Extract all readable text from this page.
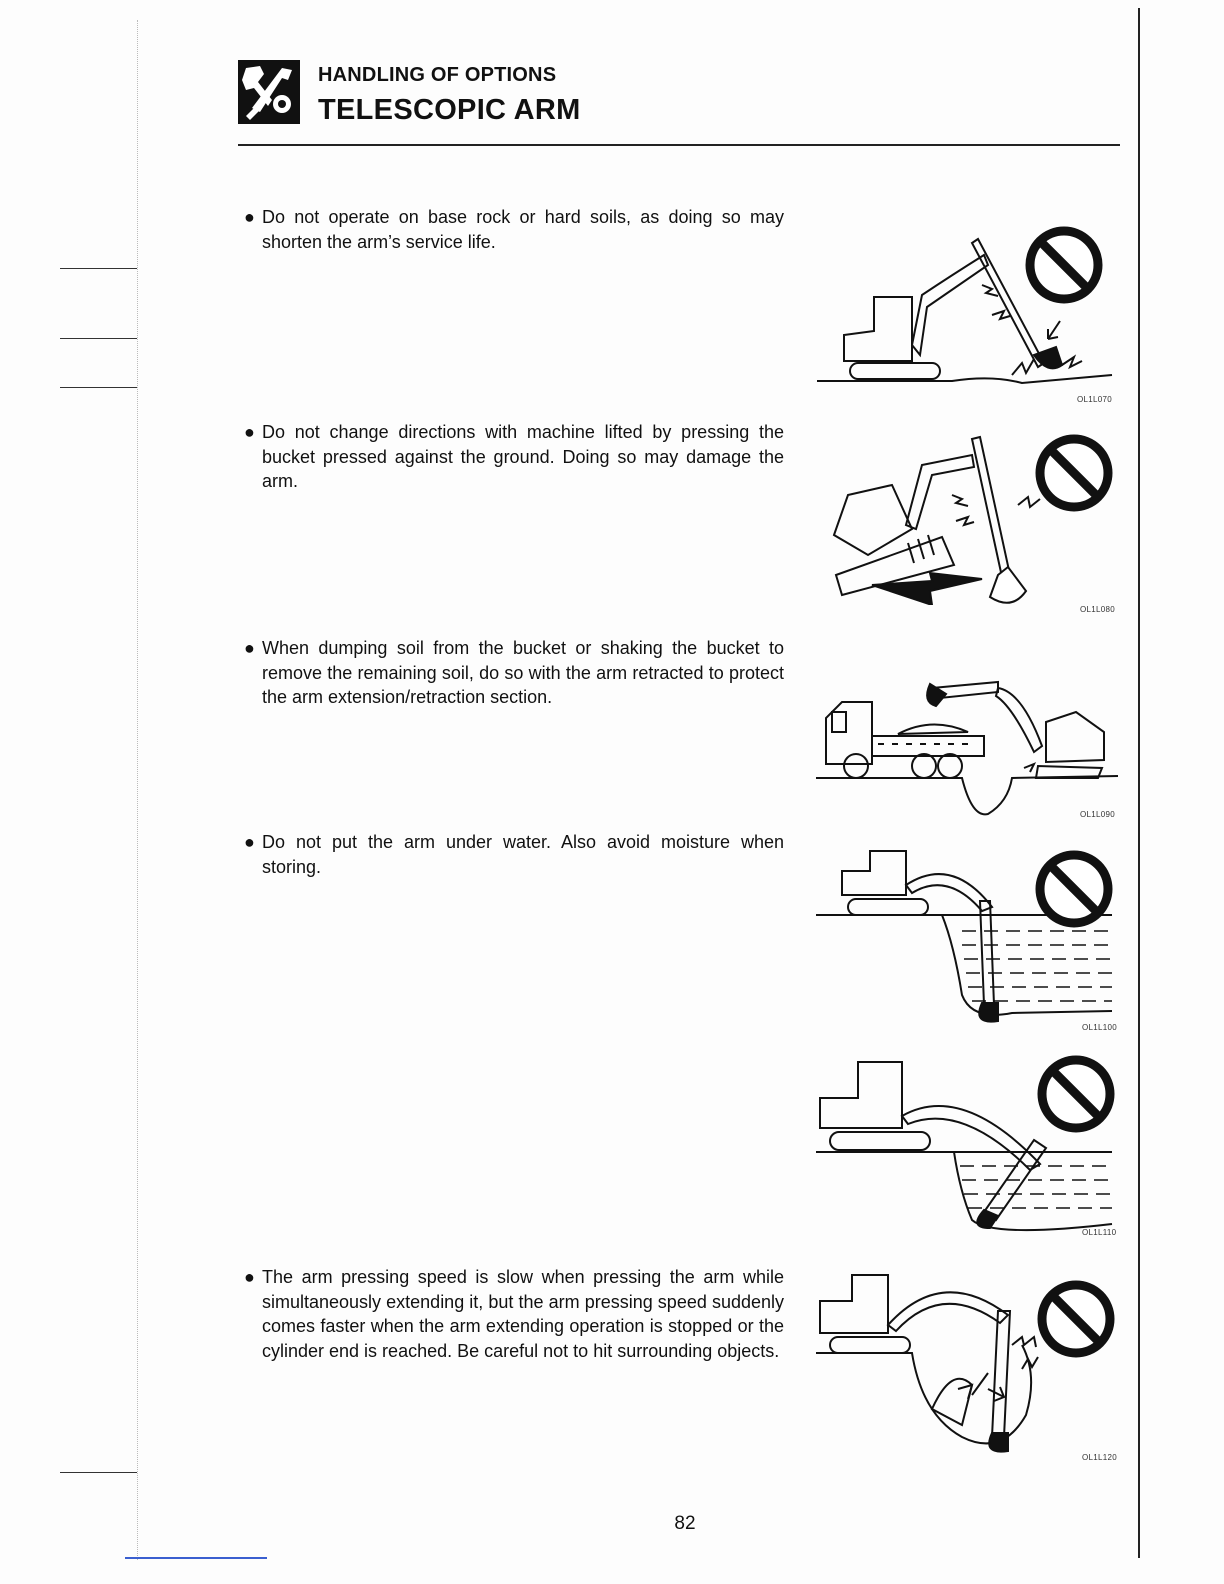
HANDLING OF OPTIONS
TELESCOPIC ARM
● Do not operate on base rock or hard soils, as doing so may shorten the arm’s service life.
● Do not change directions with machine lifted by pressing the bucket pressed against the ground. Doing so may damage the arm.
● When dumping soil from the bucket or shaking the bucket to remove the remaining soil, do so with the arm retracted to protect the arm extension/retraction section.
● Do not put the arm under water. Also avoid moisture when storing.
● The arm pressing speed is slow when pressing the arm while simultaneously extending it, but the arm pressing speed suddenly comes faster when the arm extending operation is stopped or the cylinder end is reached. Be careful not to hit surrounding objects.
OL1L070
OL1L080
OL1L090
OL1L100
OL1L110
OL1L120
82
